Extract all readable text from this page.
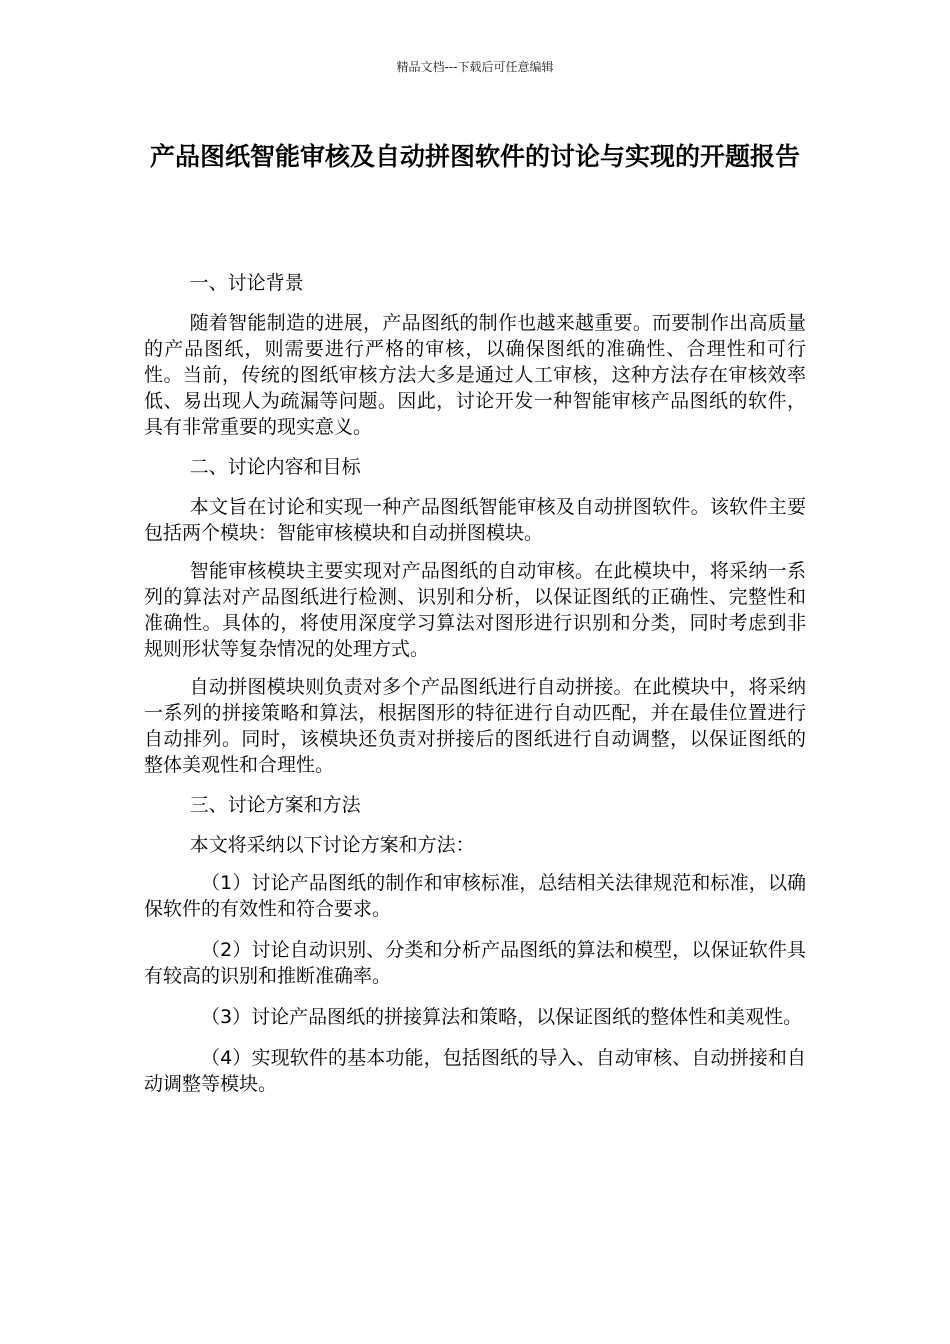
精品文档---下载后可任意编辑
产品图纸智能审核及自动拼图软件的讨论与实现的开题报告

一、讨论背景

随着智能制造的进展，产品图纸的制作也越来越重要。而要制作出高质量的产品图纸，则需要进行严格的审核，以确保图纸的准确性、合理性和可行性。当前，传统的图纸审核方法大多是通过人工审核，这种方法存在审核效率低、易出现人为疏漏等问题。因此，讨论开发一种智能审核产品图纸的软件，具有非常重要的现实意义。

二、讨论内容和目标

本文旨在讨论和实现一种产品图纸智能审核及自动拼图软件。该软件主要包括两个模块：智能审核模块和自动拼图模块。

智能审核模块主要实现对产品图纸的自动审核。在此模块中，将采纳一系列的算法对产品图纸进行检测、识别和分析，以保证图纸的正确性、完整性和准确性。具体的，将使用深度学习算法对图形进行识别和分类，同时考虑到非规则形状等复杂情况的处理方式。

自动拼图模块则负责对多个产品图纸进行自动拼接。在此模块中，将采纳一系列的拼接策略和算法，根据图形的特征进行自动匹配，并在最佳位置进行自动排列。同时，该模块还负责对拼接后的图纸进行自动调整，以保证图纸的整体美观性和合理性。

三、讨论方案和方法

本文将采纳以下讨论方案和方法：

（1）讨论产品图纸的制作和审核标准，总结相关法律规范和标准，以确保软件的有效性和符合要求。

（2）讨论自动识别、分类和分析产品图纸的算法和模型，以保证软件具有较高的识别和推断准确率。

（3）讨论产品图纸的拼接算法和策略，以保证图纸的整体性和美观性。

（4）实现软件的基本功能，包括图纸的导入、自动审核、自动拼接和自动调整等模块。
